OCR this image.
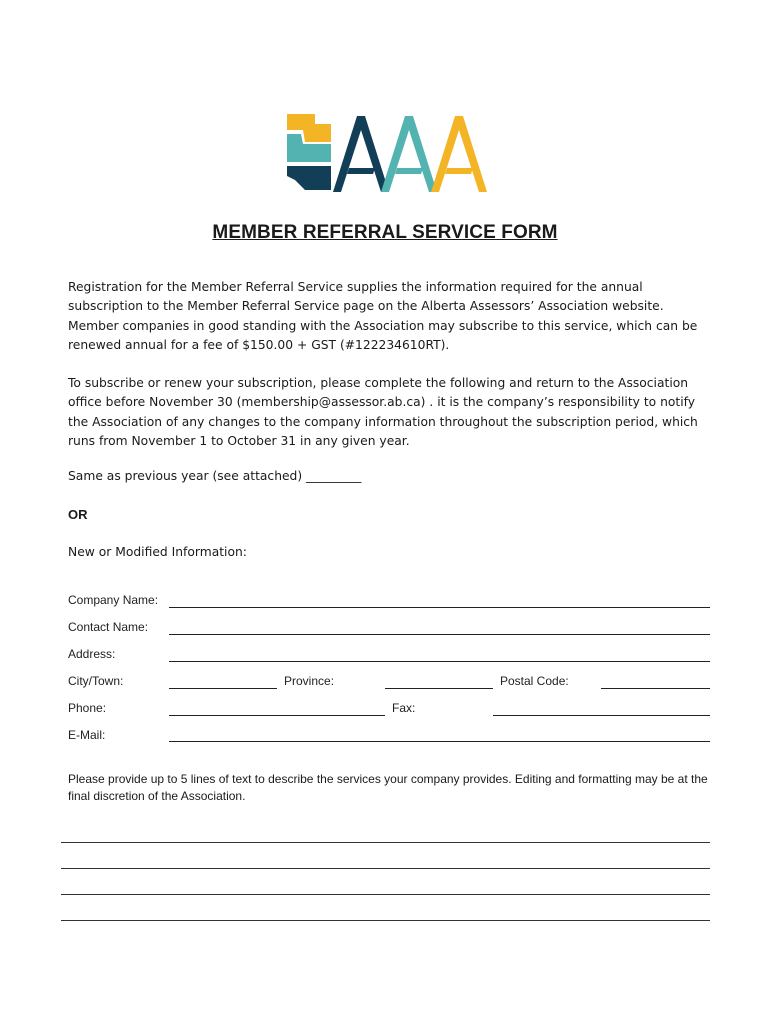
MEMBER REFERRAL SERVICE FORM

Registration for the Member Referral Service supplies the information required for the annual subscription to the Member Referral Service page on the Alberta Assessors’ Association website. Member companies in good standing with the Association may subscribe to this service, which can be renewed annual for a fee of $150.00 + GST (#122234610RT).

To subscribe or renew your subscription, please complete the following and return to the Association office before November 30 (membership@assessor.ab.ca) . it is the company’s responsibility to notify the Association of any changes to the company information throughout the subscription period, which runs from November 1 to October 31 in any given year.

Same as previous year (see attached) _________
OR
New or Modified Information:
Company Name:
Contact Name:
Address:
City/Town:	Province:	Postal Code:
Phone:	Fax:
E-Mail:

Please provide up to 5 lines of text to describe the services your company provides. Editing and formatting may be at the final discretion of the Association.
